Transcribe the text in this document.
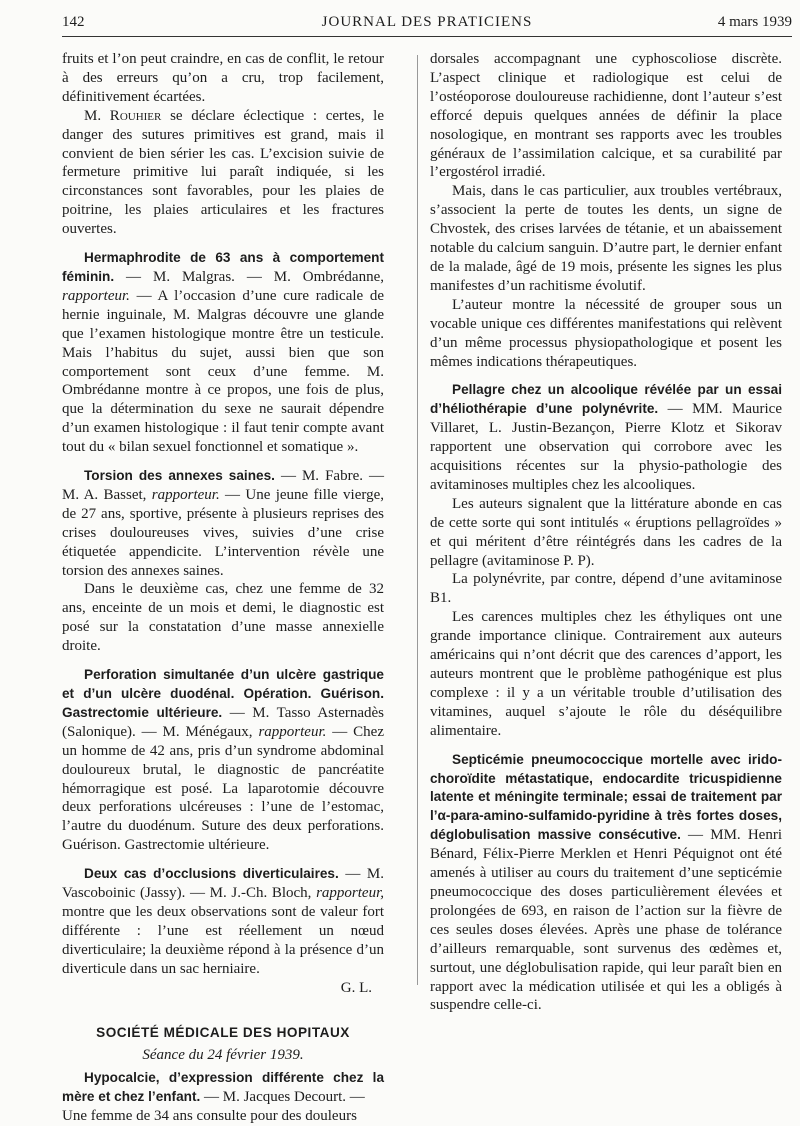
142	JOURNAL DES PRATICIENS	4 mars 1939

fruits et l’on peut craindre, en cas de conflit, le retour à des erreurs qu’on a cru, trop facilement, définitivement écartées.

M. Rouhier se déclare éclectique : certes, le danger des sutures primitives est grand, mais il convient de bien sérier les cas. L’excision suivie de fermeture primitive lui paraît indiquée, si les circonstances sont favorables, pour les plaies de poitrine, les plaies articulaires et les fractures ouvertes.

Hermaphrodite de 63 ans à comportement féminin. — M. Malgras. — M. Ombrédanne, rapporteur. — A l’occasion d’une cure radicale de hernie inguinale, M. Malgras découvre une glande que l’examen histologique montre être un testicule. Mais l’habitus du sujet, aussi bien que son comportement sont ceux d’une femme. M. Ombrédanne montre à ce propos, une fois de plus, que la détermination du sexe ne saurait dépendre d’un examen histologique : il faut tenir compte avant tout du « bilan sexuel fonctionnel et somatique ».

Torsion des annexes saines. — M. Fabre. — M. A. Basset, rapporteur. — Une jeune fille vierge, de 27 ans, sportive, présente à plusieurs reprises des crises douloureuses vives, suivies d’une crise étiquetée appendicite. L’intervention révèle une torsion des annexes saines.

Dans le deuxième cas, chez une femme de 32 ans, enceinte de un mois et demi, le diagnostic est posé sur la constatation d’une masse annexielle droite.

Perforation simultanée d’un ulcère gastrique et d’un ulcère duodénal. Opération. Guérison. Gastrectomie ultérieure. — M. Tasso Asternadès (Salonique). — M. Ménégaux, rapporteur. — Chez un homme de 42 ans, pris d’un syndrome abdominal douloureux brutal, le diagnostic de pancréatite hémorragique est posé. La laparotomie découvre deux perforations ulcéreuses : l’une de l’estomac, l’autre du duodénum. Suture des deux perforations. Guérison. Gastrectomie ultérieure.

Deux cas d’occlusions diverticulaires. — M. Vascoboinic (Jassy). — M. J.-Ch. Bloch, rapporteur, montre que les deux observations sont de valeur fort différente : l’une est réellement un nœud diverticulaire; la deuxième répond à la présence d’un diverticule dans un sac herniaire.

G. L.

SOCIÉTÉ MÉDICALE DES HOPITAUX

Séance du 24 février 1939.

Hypocalcie, d’expression différente chez la mère et chez l’enfant. — M. Jacques Decourt. —

Une femme de 34 ans consulte pour des douleurs

dorsales accompagnant une cyphoscoliose discrète. L’aspect clinique et radiologique est celui de l’ostéoporose douloureuse rachidienne, dont l’auteur s’est efforcé depuis quelques années de définir la place nosologique, en montrant ses rapports avec les troubles généraux de l’assimilation calcique, et sa curabilité par l’ergostérol irradié.

Mais, dans le cas particulier, aux troubles vertébraux, s’associent la perte de toutes les dents, un signe de Chvostek, des crises larvées de tétanie, et un abaissement notable du calcium sanguin. D’autre part, le dernier enfant de la malade, âgé de 19 mois, présente les signes les plus manifestes d’un rachitisme évolutif.

L’auteur montre la nécessité de grouper sous un vocable unique ces différentes manifestations qui relèvent d’un même processus physiopathologique et posent les mêmes indications thérapeutiques.

Pellagre chez un alcoolique révélée par un essai d’héliothérapie d’une polynévrite. — MM. Maurice Villaret, L. Justin-Bezançon, Pierre Klotz et Sikorav rapportent une observation qui corrobore avec les acquisitions récentes sur la physio-pathologie des avitaminoses multiples chez les alcooliques.

Les auteurs signalent que la littérature abonde en cas de cette sorte qui sont intitulés « éruptions pellagroïdes » et qui méritent d’être réintégrés dans les cadres de la pellagre (avitaminose P. P).

La polynévrite, par contre, dépend d’une avitaminose B1.

Les carences multiples chez les éthyliques ont une grande importance clinique. Contrairement aux auteurs américains qui n’ont décrit que des carences d’apport, les auteurs montrent que le problème pathogénique est plus complexe : il y a un véritable trouble d’utilisation des vitamines, auquel s’ajoute le rôle du déséquilibre alimentaire.

Septicémie pneumococcique mortelle avec irido-choroïdite métastatique, endocardite tricuspidienne latente et méningite terminale; essai de traitement par l’α-para-amino-sulfamido-pyridine à très fortes doses, déglobulisation massive consécutive. — MM. Henri Bénard, Félix-Pierre Merklen et Henri Péquignot ont été amenés à utiliser au cours du traitement d’une septicémie pneumococcique des doses particulièrement élevées et prolongées de 693, en raison de l’action sur la fièvre de ces seules doses élevées. Après une phase de tolérance d’ailleurs remarquable, sont survenus des œdèmes et, surtout, une déglobulisation rapide, qui leur paraît bien en rapport avec la médication utilisée et qui les a obligés à suspendre celle-ci.
